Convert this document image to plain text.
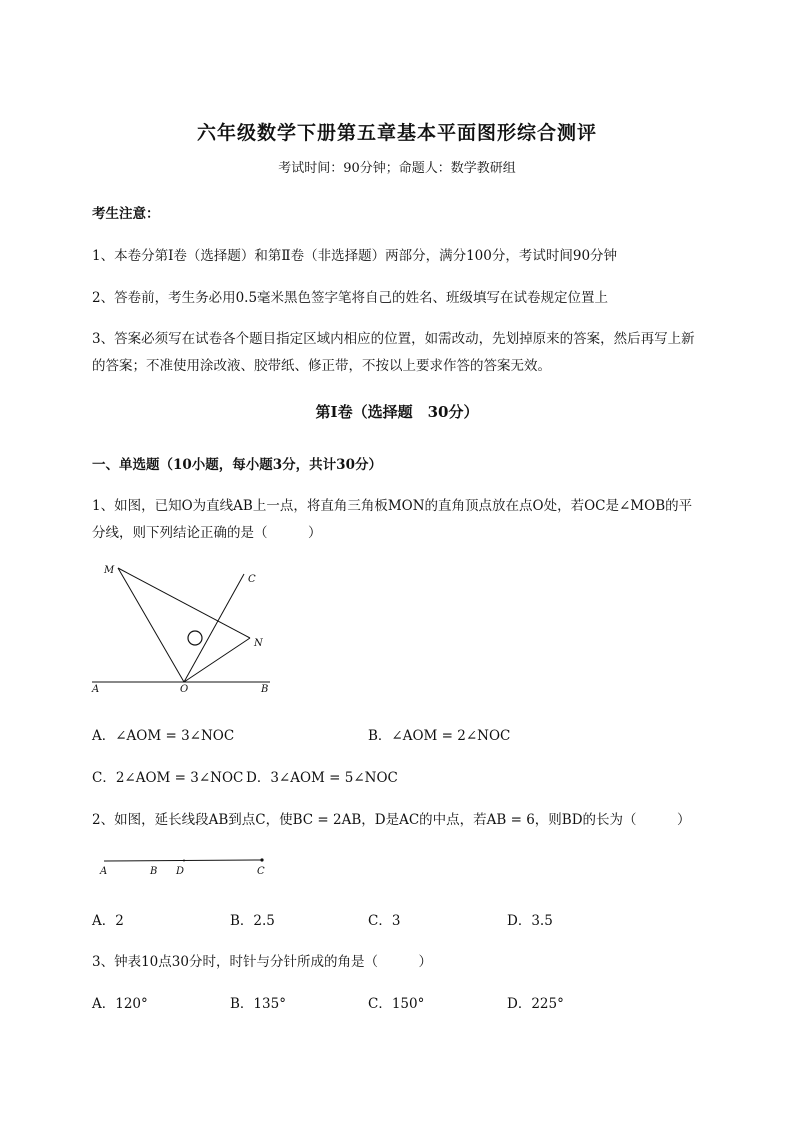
六年级数学下册第五章基本平面图形综合测评
考试时间：90分钟；命题人：数学教研组
考生注意：
1、本卷分第I卷（选择题）和第Ⅱ卷（非选择题）两部分，满分100分，考试时间90分钟
2、答卷前，考生务必用0.5毫米黑色签字笔将自己的姓名、班级填写在试卷规定位置上
3、答案必须写在试卷各个题目指定区域内相应的位置，如需改动，先划掉原来的答案，然后再写上新
的答案；不准使用涂改液、胶带纸、修正带，不按以上要求作答的答案无效。
第I卷（选择题　30分）
一、单选题（10小题，每小题3分，共计30分）
1、如图，已知O为直线AB上一点，将直角三角板MON的直角顶点放在点O处，若OC是∠MOB的平
分线，则下列结论正确的是（　　　）
M
C
N
A	O	B
A．∠AOM = 3∠NOC	B．∠AOM = 2∠NOC
C．2∠AOM = 3∠NOC D．3∠AOM = 5∠NOC
2、如图，延长线段AB到点C，使BC = 2AB，D是AC的中点，若AB = 6，则BD的长为（　　　）
A	B D	C
A．2	B．2.5	C．3	D．3.5
3、钟表10点30分时，时针与分针所成的角是（　　　）
A．120°	B．135°	C．150°	D．225°
